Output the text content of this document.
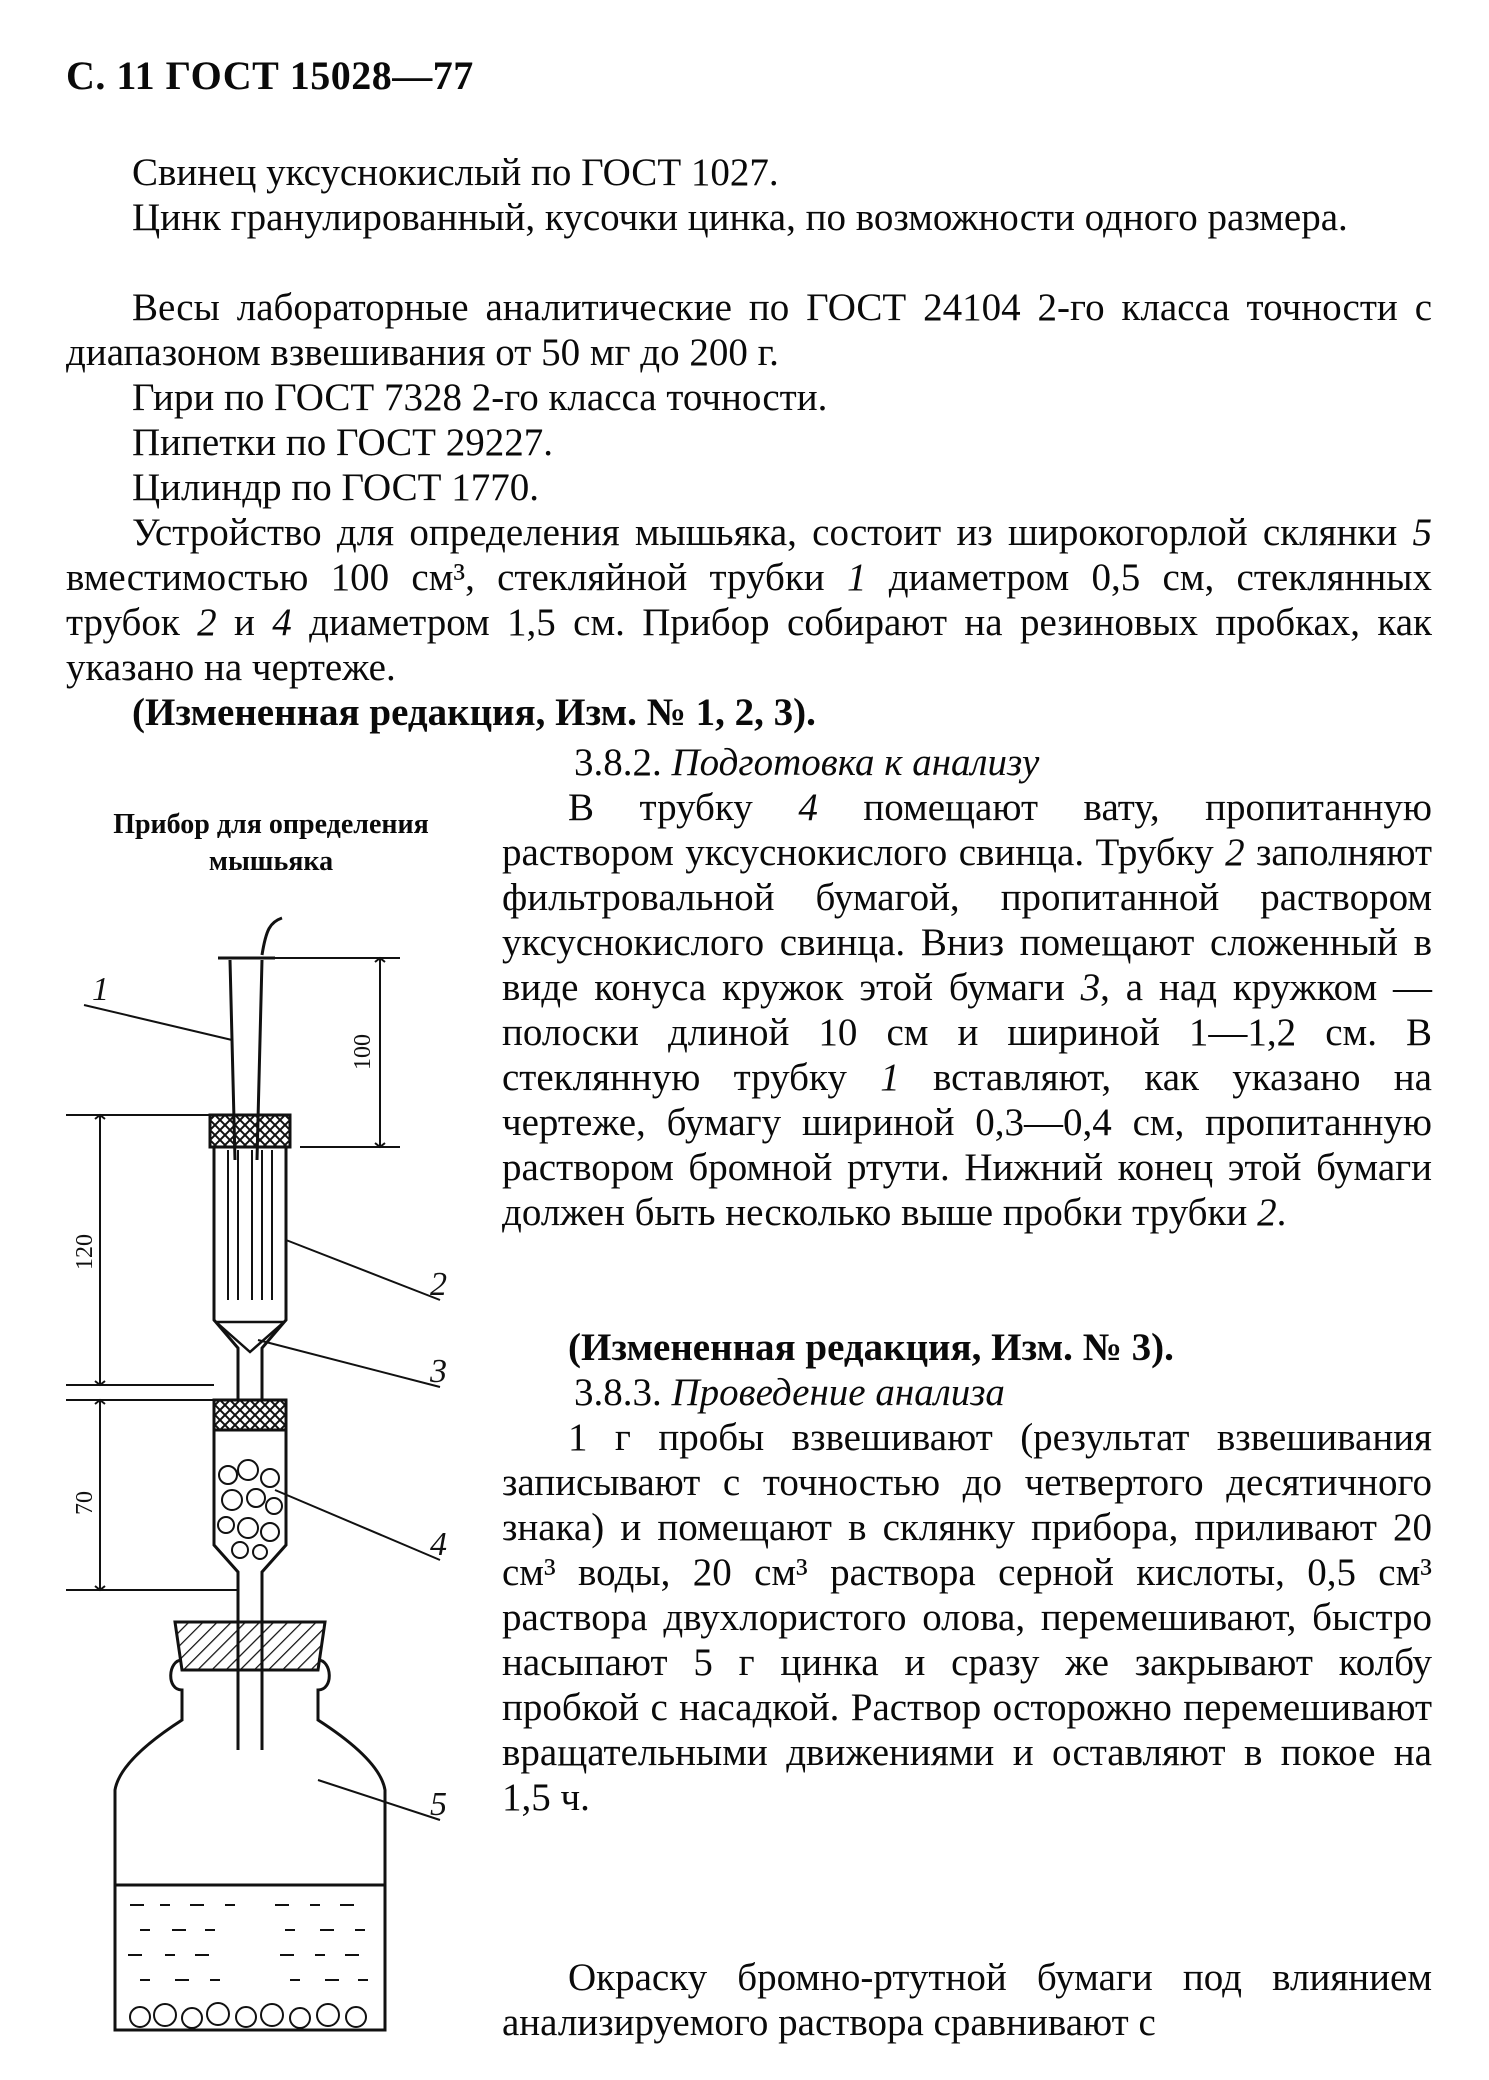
С. 11 ГОСТ 15028—77
Свинец уксуснокислый по ГОСТ 1027.
Цинк гранулированный, кусочки цинка, по возможности одного размера.
Весы лабораторные аналитические по ГОСТ 24104 2-го класса точности с диапазоном взвешивания от 50 мг до 200 г.
Гири по ГОСТ 7328 2-го класса точности.
Пипетки по ГОСТ 29227.
Цилиндр по ГОСТ 1770.
Устройство для определения мышьяка, состоит из широкогорлой склянки 5 вместимостью 100 см³, стекляйной трубки 1 диаметром 0,5 см, стеклянных трубок 2 и 4 диаметром 1,5 см. Прибор собирают на резиновых пробках, как указано на чертеже.
(Измененная редакция, Изм. № 1, 2, 3).
Прибор для определения мышьяка
3.8.2. Подготовка к анализу
В трубку 4 помещают вату, пропитанную раствором уксуснокислого свинца. Трубку 2 заполняют фильтровальной бумагой, пропитанной раствором уксуснокислого свинца. Вниз помещают сложенный в виде конуса кружок этой бумаги 3, а над кружком — полоски длиной 10 см и шириной 1—1,2 см. В стеклянную трубку 1 вставляют, как указано на чертеже, бумагу шириной 0,3—0,4 см, пропитанную раствором бромной ртути. Нижний конец этой бумаги должен быть несколько выше пробки трубки 2.
(Измененная редакция, Изм. № 3).
3.8.3. Проведение анализа
1 г пробы взвешивают (результат взвешивания записывают с точностью до четвертого десятичного знака) и помещают в склянку прибора, приливают 20 см³ воды, 20 см³ раствора серной кислоты, 0,5 см³ раствора двухлористого олова, перемешивают, быстро насыпают 5 г цинка и сразу же закрывают колбу пробкой с насадкой. Раствор осторожно перемешивают вращательными движениями и оставляют в покое на 1,5 ч.
Окраску бромно-ртутной бумаги под влиянием анализируемого раствора сравнивают с
1
2
3
4
5
100
120
70
